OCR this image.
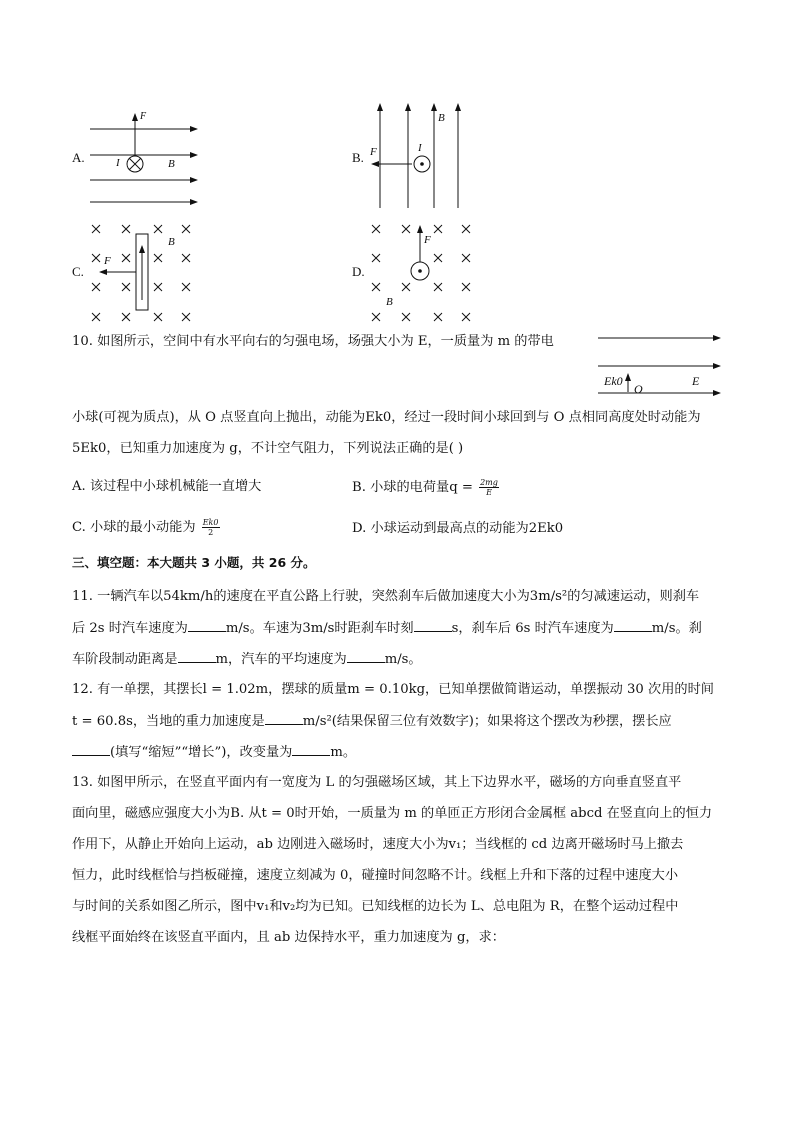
A.
F
I	B	B. F	I
B
C.
F
B
D.
F
B
10. 如图所示，空间中有水平向右的匀强电场，场强大小为 E，一质量为 m 的带电
Ek0
O
E
小球(可视为质点)，从 O 点竖直向上抛出，动能为Ek0，经过一段时间小球回到与 O 点相同高度处时动能为
5Ek0，已知重力加速度为 g，不计空气阻力，下列说法正确的是( )
A. 该过程中小球机械能一直增大	B. 小球的电荷量$q = \frac{2mg}{E}$
C. 小球的最小动能为 $\frac{Ek0}{2}$	D. 小球运动到最高点的动能为2Ek0
三、填空题：本大题共 3 小题，共 26 分。
11. 一辆汽车以54km/h的速度在平直公路上行驶，突然刹车后做加速度大小为3m/s²的匀减速运动，则刹车
后 2s 时汽车速度为	m/s。车速为3m/s时距刹车时刻	s，刹车后 6s 时汽车速度为	m/s。刹
车阶段制动距离是	m，汽车的平均速度为	m/s。
12. 有一单摆，其摆长l = 1.02m，摆球的质量m = 0.10kg，已知单摆做简谐运动，单摆振动 30 次用的时间
t = 60.8s，当地的重力加速度是	m/s²(结果保留三位有效数字)；如果将这个摆改为秒摆，摆长应
(填写“缩短”“增长”)，改变量为	m。
13. 如图甲所示，在竖直平面内有一宽度为 L 的匀强磁场区域，其上下边界水平，磁场的方向垂直竖直平
面向里，磁感应强度大小为B. 从t = 0时开始，一质量为 m 的单匝正方形闭合金属框 abcd 在竖直向上的恒力
作用下，从静止开始向上运动，ab 边刚进入磁场时，速度大小为v₁；当线框的 cd 边离开磁场时马上撤去
恒力，此时线框恰与挡板碰撞，速度立刻减为 0，碰撞时间忽略不计。线框上升和下落的过程中速度大小
与时间的关系如图乙所示，图中v₁和v₂均为已知。已知线框的边长为 L、总电阻为 R，在整个运动过程中
线框平面始终在该竖直平面内，且 ab 边保持水平，重力加速度为 g，求：
